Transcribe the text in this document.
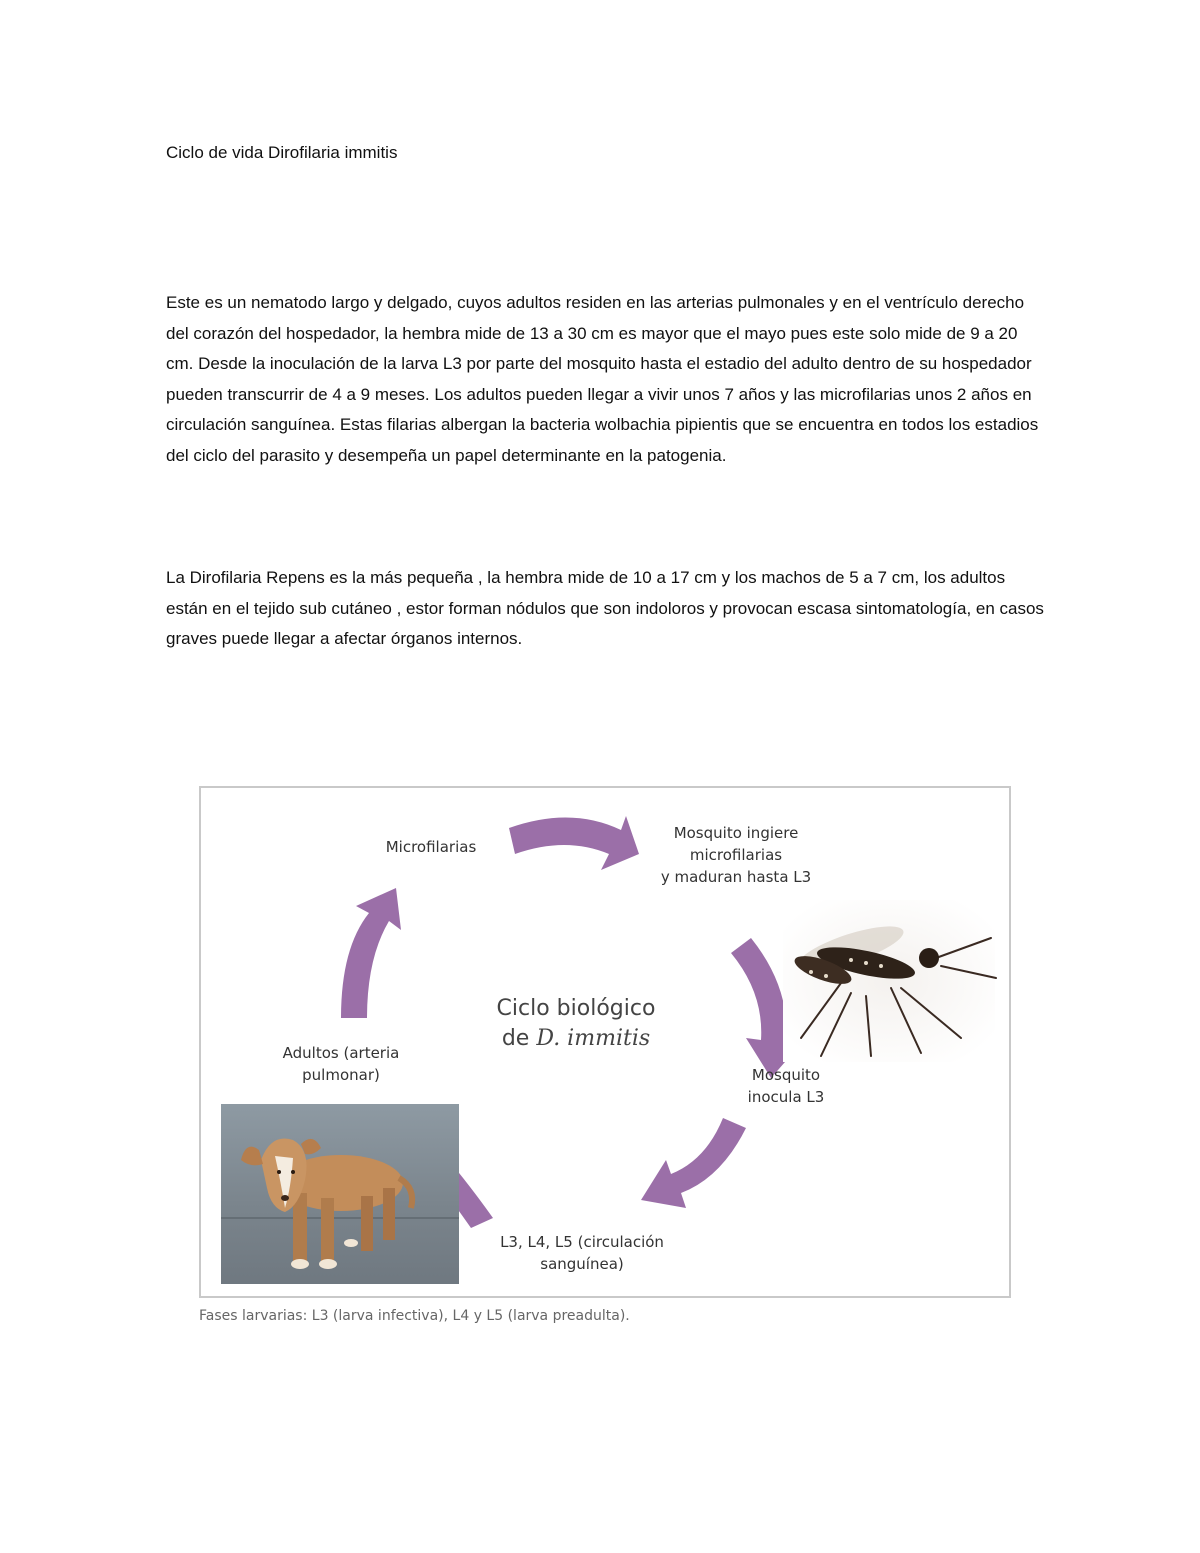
Ciclo de vida Dirofilaria immitis

Este es un nematodo largo y delgado, cuyos adultos residen en las arterias pulmonales y en el ventrículo derecho del corazón del hospedador, la hembra mide de 13 a 30 cm es mayor que el mayo pues este solo mide de 9 a 20 cm. Desde la inoculación de la larva L3 por parte del mosquito hasta el estadio del adulto dentro de su hospedador pueden transcurrir de 4 a 9 meses. Los adultos pueden llegar a vivir unos 7 años y las microfilarias unos 2 años en circulación sanguínea. Estas filarias albergan la bacteria wolbachia pipientis que se encuentra en todos los estadios del ciclo del parasito y desempeña un papel determinante en la patogenia.

La Dirofilaria Repens es la más pequeña , la hembra mide de 10 a 17 cm y los machos de 5 a 7 cm, los adultos están en el tejido sub cutáneo , estor forman nódulos que son indoloros y provocan escasa sintomatología, en casos graves puede llegar a afectar órganos internos.

Microfilarias
Mosquito ingiere
microfilarias
y maduran hasta L3
Ciclo biológico
de D. immitis
Adultos (arteria
pulmonar)	Mosquito
inocula L3
L3, L4, L5 (circulación
sanguínea)
Fases larvarias: L3 (larva infectiva), L4 y L5 (larva preadulta).
